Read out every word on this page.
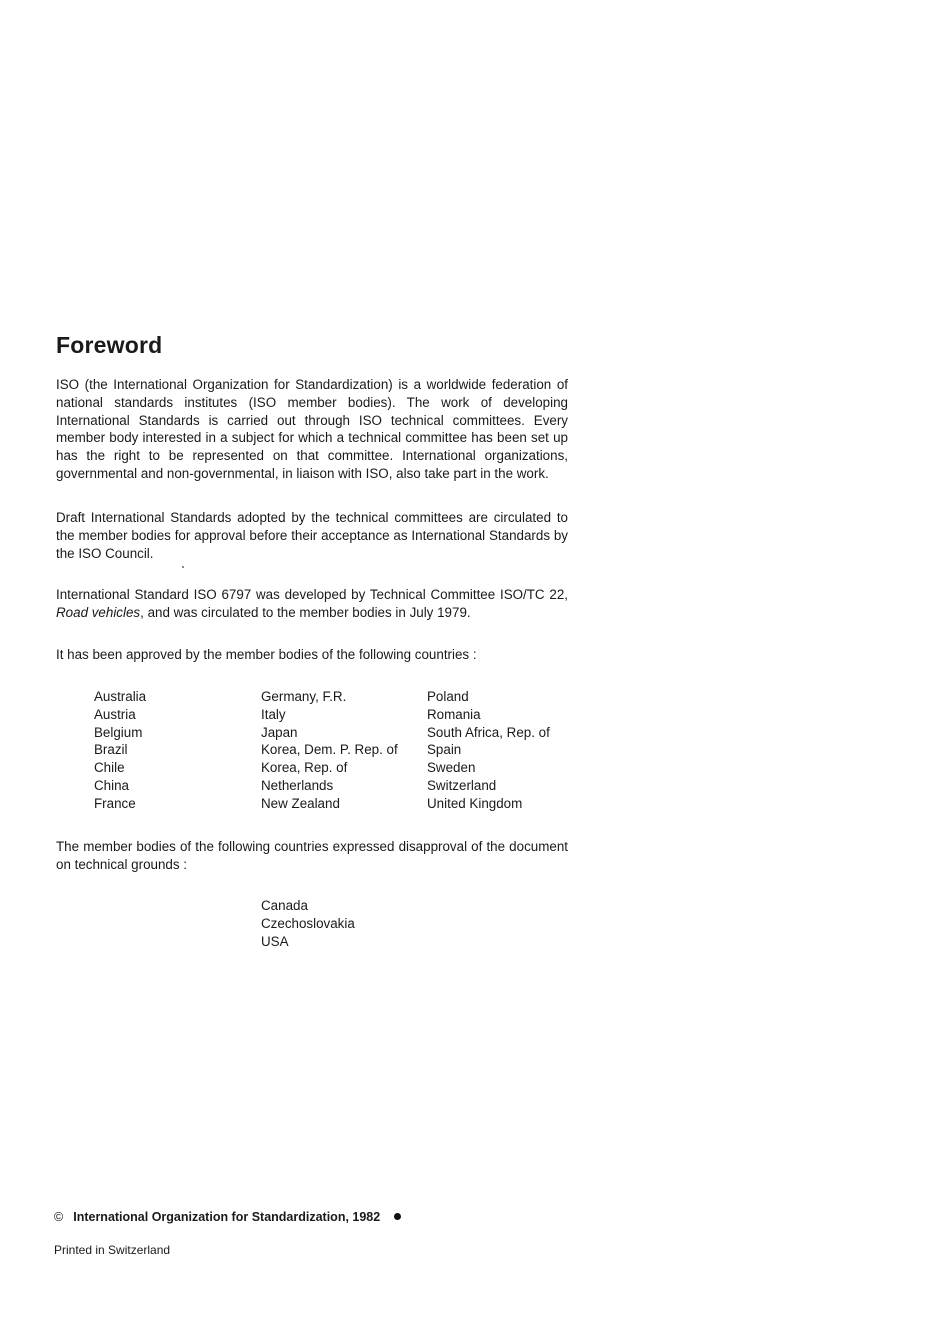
Foreword

ISO (the International Organization for Standardization) is a worldwide federation of national standards institutes (ISO member bodies). The work of developing International Standards is carried out through ISO technical committees. Every member body interested in a subject for which a technical committee has been set up has the right to be represented on that committee. International organizations, governmental and non-governmental, in liaison with ISO, also take part in the work.

Draft International Standards adopted by the technical committees are circulated to the member bodies for approval before their acceptance as International Standards by the ISO Council.

International Standard ISO 6797 was developed by Technical Committee ISO/TC 22, Road vehicles, and was circulated to the member bodies in July 1979.

It has been approved by the member bodies of the following countries :

Australia
Austria
Belgium
Brazil
Chile
China
France
Germany, F.R.
Italy
Japan
Korea, Dem. P. Rep. of
Korea, Rep. of
Netherlands
New Zealand
Poland
Romania
South Africa, Rep. of
Spain
Sweden
Switzerland
United Kingdom

The member bodies of the following countries expressed disapproval of the document on technical grounds :

Canada
Czechoslovakia
USA
© International Organization for Standardization, 1982
Printed in Switzerland
